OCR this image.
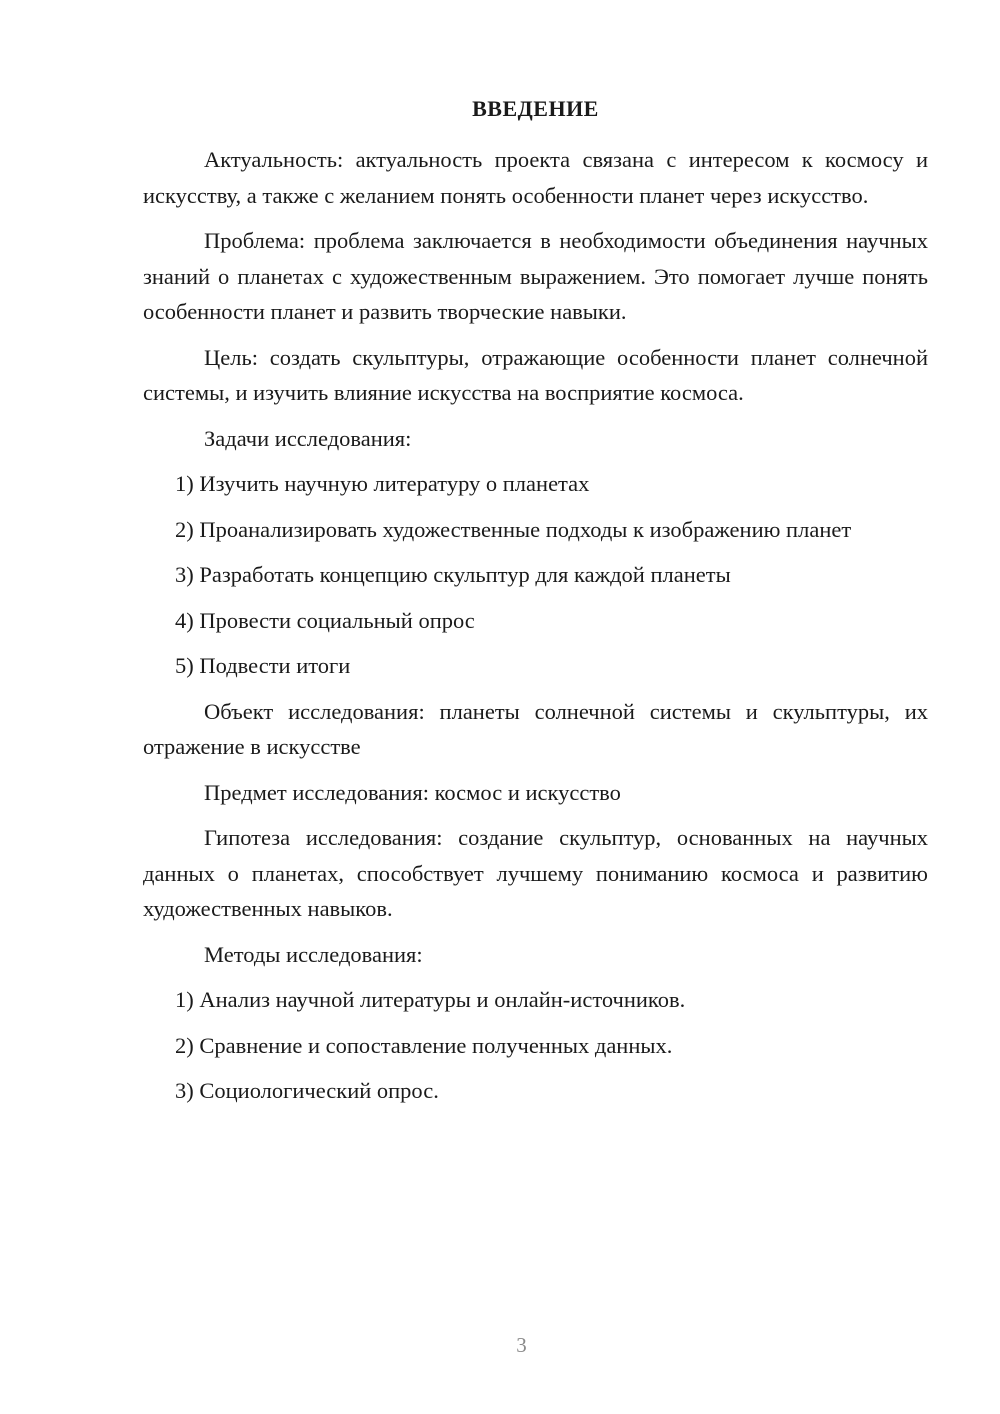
ВВЕДЕНИЕ

Актуальность: актуальность проекта связана с интересом к космосу и искусству, а также с желанием понять особенности планет через искусство.

Проблема: проблема заключается в необходимости объединения научных знаний о планетах с художественным выражением. Это помогает лучше понять особенности планет и развить творческие навыки.

Цель: создать скульптуры, отражающие особенности планет солнечной системы, и изучить влияние искусства на восприятие космоса.

Задачи исследования:

1) Изучить научную литературу о планетах
2) Проанализировать художественные подходы к изображению планет
3) Разработать концепцию скульптур для каждой планеты
4) Провести социальный опрос
5) Подвести итоги

Объект исследования: планеты солнечной системы и скульптуры, их отражение в искусстве

Предмет исследования: космос и искусство

Гипотеза исследования: создание скульптур, основанных на научных данных о планетах, способствует лучшему пониманию космоса и развитию художественных навыков.

Методы исследования:

1) Анализ научной литературы и онлайн-источников.
2) Сравнение и сопоставление полученных данных.
3) Социологический опрос.
3
